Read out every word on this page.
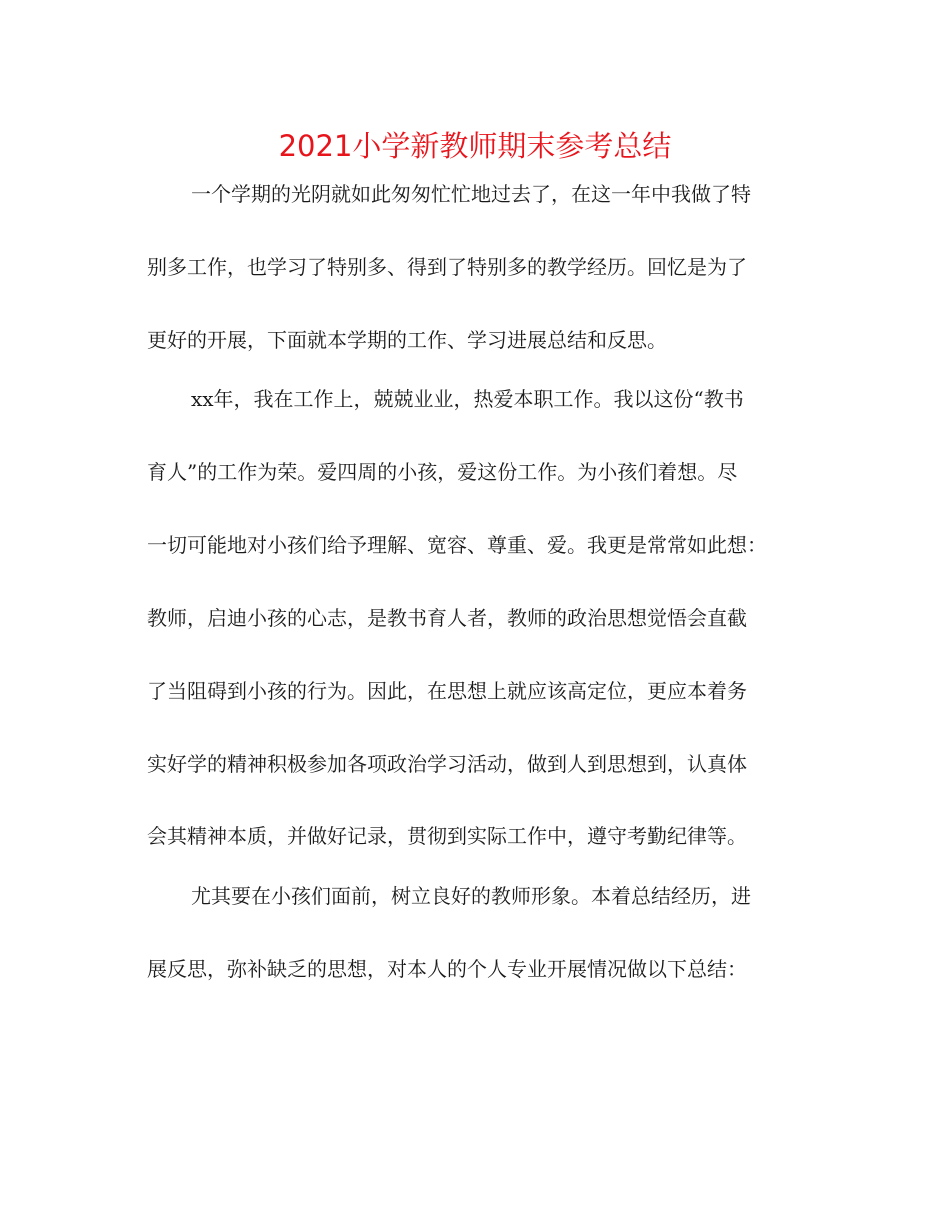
2021小学新教师期末参考总结
一个学期的光阴就如此匆匆忙忙地过去了，在这一年中我做了特
别多工作，也学习了特别多、得到了特别多的教学经历。回忆是为了
更好的开展，下面就本学期的工作、学习进展总结和反思。
xx年，我在工作上，兢兢业业，热爱本职工作。我以这份“教书
育人”的工作为荣。爱四周的小孩，爱这份工作。为小孩们着想。尽
一切可能地对小孩们给予理解、宽容、尊重、爱。我更是常常如此想：
教师，启迪小孩的心志，是教书育人者，教师的政治思想觉悟会直截
了当阻碍到小孩的行为。因此，在思想上就应该高定位，更应本着务
实好学的精神积极参加各项政治学习活动，做到人到思想到，认真体
会其精神本质，并做好记录，贯彻到实际工作中，遵守考勤纪律等。
尤其要在小孩们面前，树立良好的教师形象。本着总结经历，进
展反思，弥补缺乏的思想，对本人的个人专业开展情况做以下总结：
